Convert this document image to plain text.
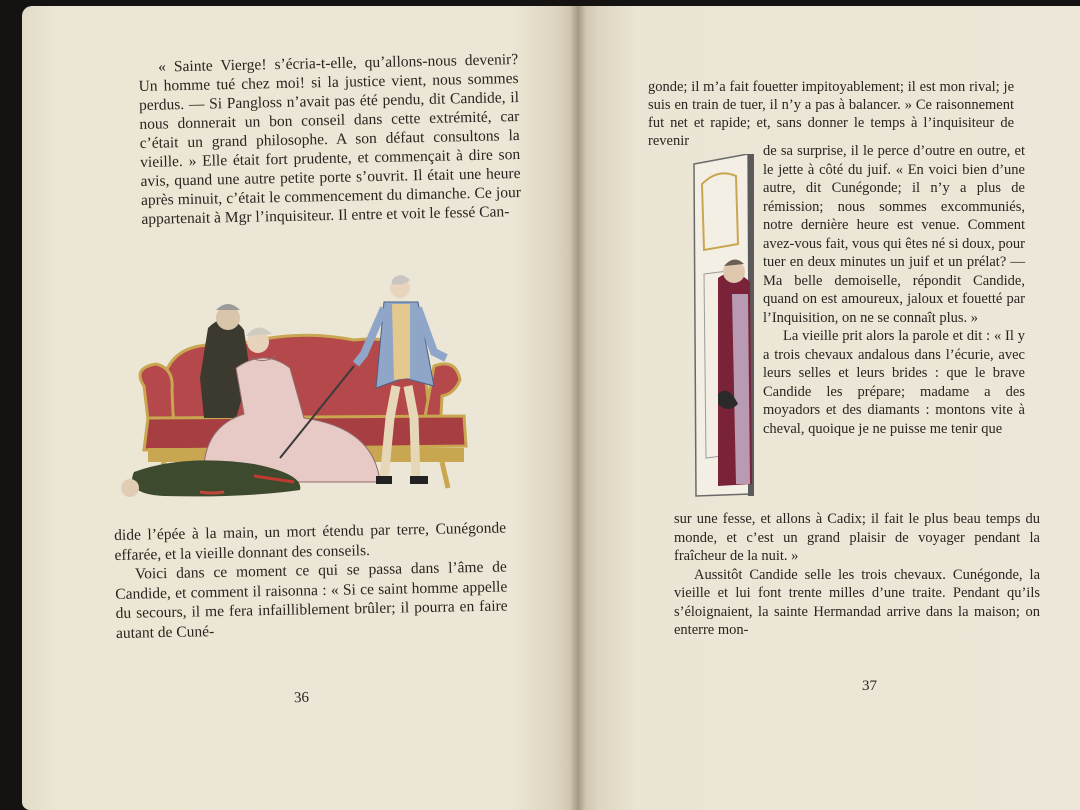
« Sainte Vierge! s’écria-t-elle, qu’allons-nous devenir? Un homme tué chez moi! si la justice vient, nous sommes perdus. — Si Pangloss n’avait pas été pendu, dit Candide, il nous donnerait un bon conseil dans cette extrémité, car c’était un grand philosophe. A son défaut consultons la vieille. » Elle était fort prudente, et commençait à dire son avis, quand une autre petite porte s’ouvrit. Il était une heure après minuit, c’était le commencement du dimanche. Ce jour appartenait à Mgr l’inquisiteur. Il entre et voit le fessé Can-

dide l’épée à la main, un mort étendu par terre, Cunégonde effarée, et la vieille donnant des conseils.

Voici dans ce moment ce qui se passa dans l’âme de Candide, et comment il raisonna : « Si ce saint homme appelle du secours, il me fera infailliblement brûler; il pourra en faire autant de Cuné-

36

gonde; il m’a fait fouetter impitoyablement; il est mon rival; je suis en train de tuer, il n’y a pas à balancer. » Ce raisonnement fut net et rapide; et, sans donner le temps à l’inquisiteur de revenir

de sa surprise, il le perce d’outre en outre, et le jette à côté du juif. « En voici bien d’une autre, dit Cunégonde; il n’y a plus de rémission; nous sommes excommuniés, notre dernière heure est venue. Comment avez-vous fait, vous qui êtes né si doux, pour tuer en deux minutes un juif et un prélat? — Ma belle demoiselle, répondit Candide, quand on est amoureux, jaloux et fouetté par l’Inquisition, on ne se connaît plus. »

La vieille prit alors la parole et dit : « Il y a trois chevaux andalous dans l’écurie, avec leurs selles et leurs brides : que le brave Candide les prépare; madame a des moyadors et des diamants : montons vite à cheval, quoique je ne puisse me tenir que

sur une fesse, et allons à Cadix; il fait le plus beau temps du monde, et c’est un grand plaisir de voyager pendant la fraîcheur de la nuit. »

Aussitôt Candide selle les trois chevaux. Cunégonde, la vieille et lui font trente milles d’une traite. Pendant qu’ils s’éloignaient, la sainte Hermandad arrive dans la maison; on enterre mon-

37
